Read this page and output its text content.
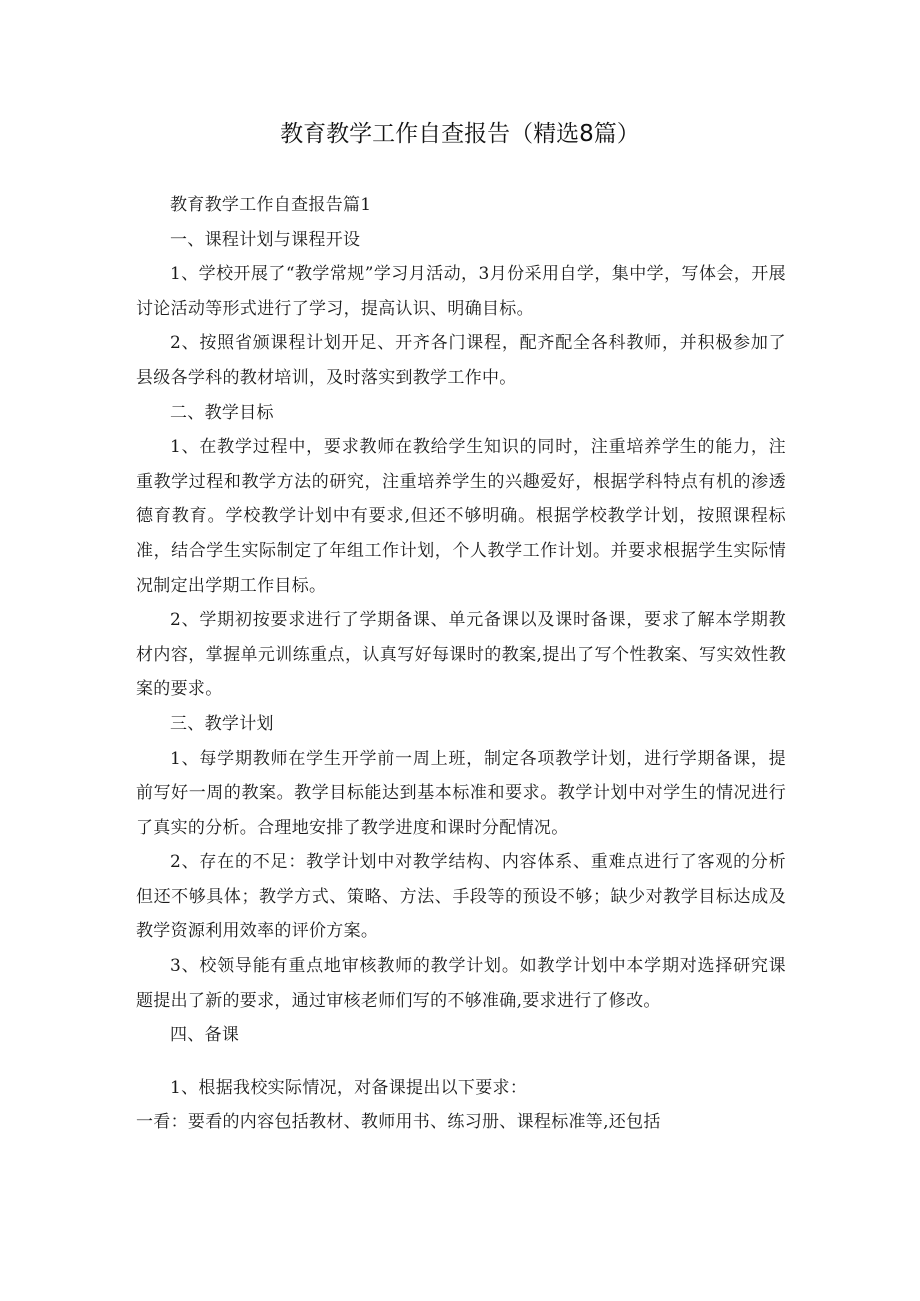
教育教学工作自查报告（精选8篇）

教育教学工作自查报告篇1

一、课程计划与课程开设

1、学校开展了“教学常规”学习月活动，3月份采用自学，集中学，写体会，开展讨论活动等形式进行了学习，提高认识、明确目标。

2、按照省颁课程计划开足、开齐各门课程，配齐配全各科教师，并积极参加了县级各学科的教材培训，及时落实到教学工作中。

二、教学目标

1、在教学过程中，要求教师在教给学生知识的同时，注重培养学生的能力，注重教学过程和教学方法的研究，注重培养学生的兴趣爱好，根据学科特点有机的渗透德育教育。学校教学计划中有要求,但还不够明确。根据学校教学计划，按照课程标准，结合学生实际制定了年组工作计划，个人教学工作计划。并要求根据学生实际情况制定出学期工作目标。

2、学期初按要求进行了学期备课、单元备课以及课时备课，要求了解本学期教材内容，掌握单元训练重点，认真写好每课时的教案,提出了写个性教案、写实效性教案的要求。

三、教学计划

1、每学期教师在学生开学前一周上班，制定各项教学计划，进行学期备课，提前写好一周的教案。教学目标能达到基本标准和要求。教学计划中对学生的情况进行了真实的分析。合理地安排了教学进度和课时分配情况。

2、存在的不足：教学计划中对教学结构、内容体系、重难点进行了客观的分析但还不够具体；教学方式、策略、方法、手段等的预设不够；缺少对教学目标达成及教学资源利用效率的评价方案。

3、校领导能有重点地审核教师的教学计划。如教学计划中本学期对选择研究课题提出了新的要求，通过审核老师们写的不够准确,要求进行了修改。

四、备课

1、根据我校实际情况，对备课提出以下要求：

一看：要看的内容包括教材、教师用书、练习册、课程标准等,还包括
